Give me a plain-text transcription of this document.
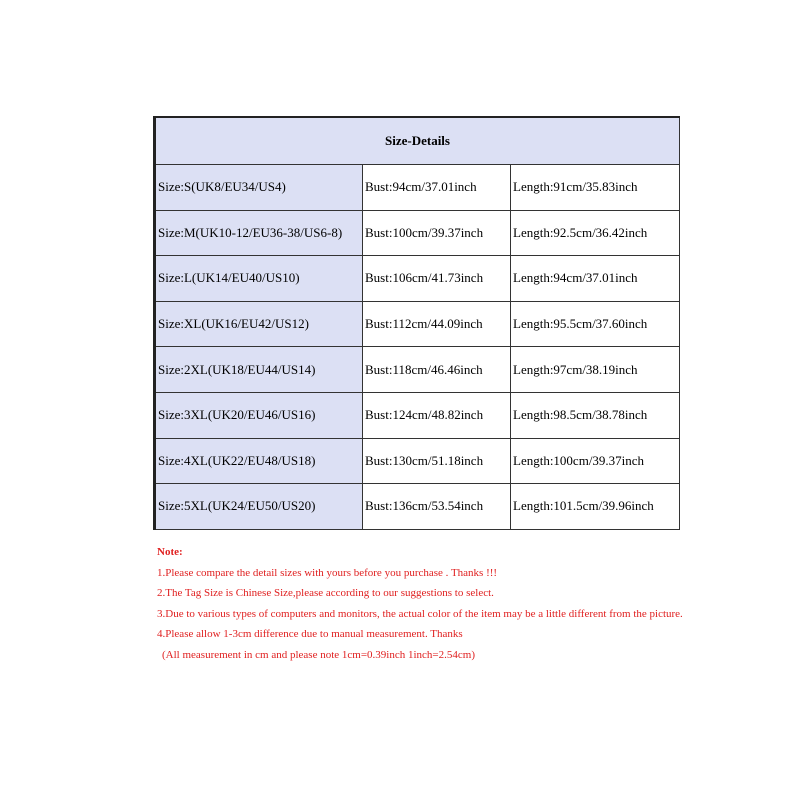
Size-Details		
Size:S(UK8/EU34/US4)	Bust:94cm/37.01inch	Length:91cm/35.83inch
Size:M(UK10-12/EU36-38/US6-8)	Bust:100cm/39.37inch	Length:92.5cm/36.42inch
Size:L(UK14/EU40/US10)	Bust:106cm/41.73inch	Length:94cm/37.01inch
Size:XL(UK16/EU42/US12)	Bust:112cm/44.09inch	Length:95.5cm/37.60inch
Size:2XL(UK18/EU44/US14)	Bust:118cm/46.46inch	Length:97cm/38.19inch
Size:3XL(UK20/EU46/US16)	Bust:124cm/48.82inch	Length:98.5cm/38.78inch
Size:4XL(UK22/EU48/US18)	Bust:130cm/51.18inch	Length:100cm/39.37inch
Size:5XL(UK24/EU50/US20)	Bust:136cm/53.54inch	Length:101.5cm/39.96inch
Note:
1.Please compare the detail sizes with yours before you purchase . Thanks !!!
2.The Tag Size is Chinese Size,please according to our suggestions to select.
3.Due to various types of computers and monitors, the actual color of the item may be a little different from the picture.
4.Please allow 1-3cm difference due to manual measurement. Thanks
(All measurement in cm and please note 1cm=0.39inch 1inch=2.54cm)
